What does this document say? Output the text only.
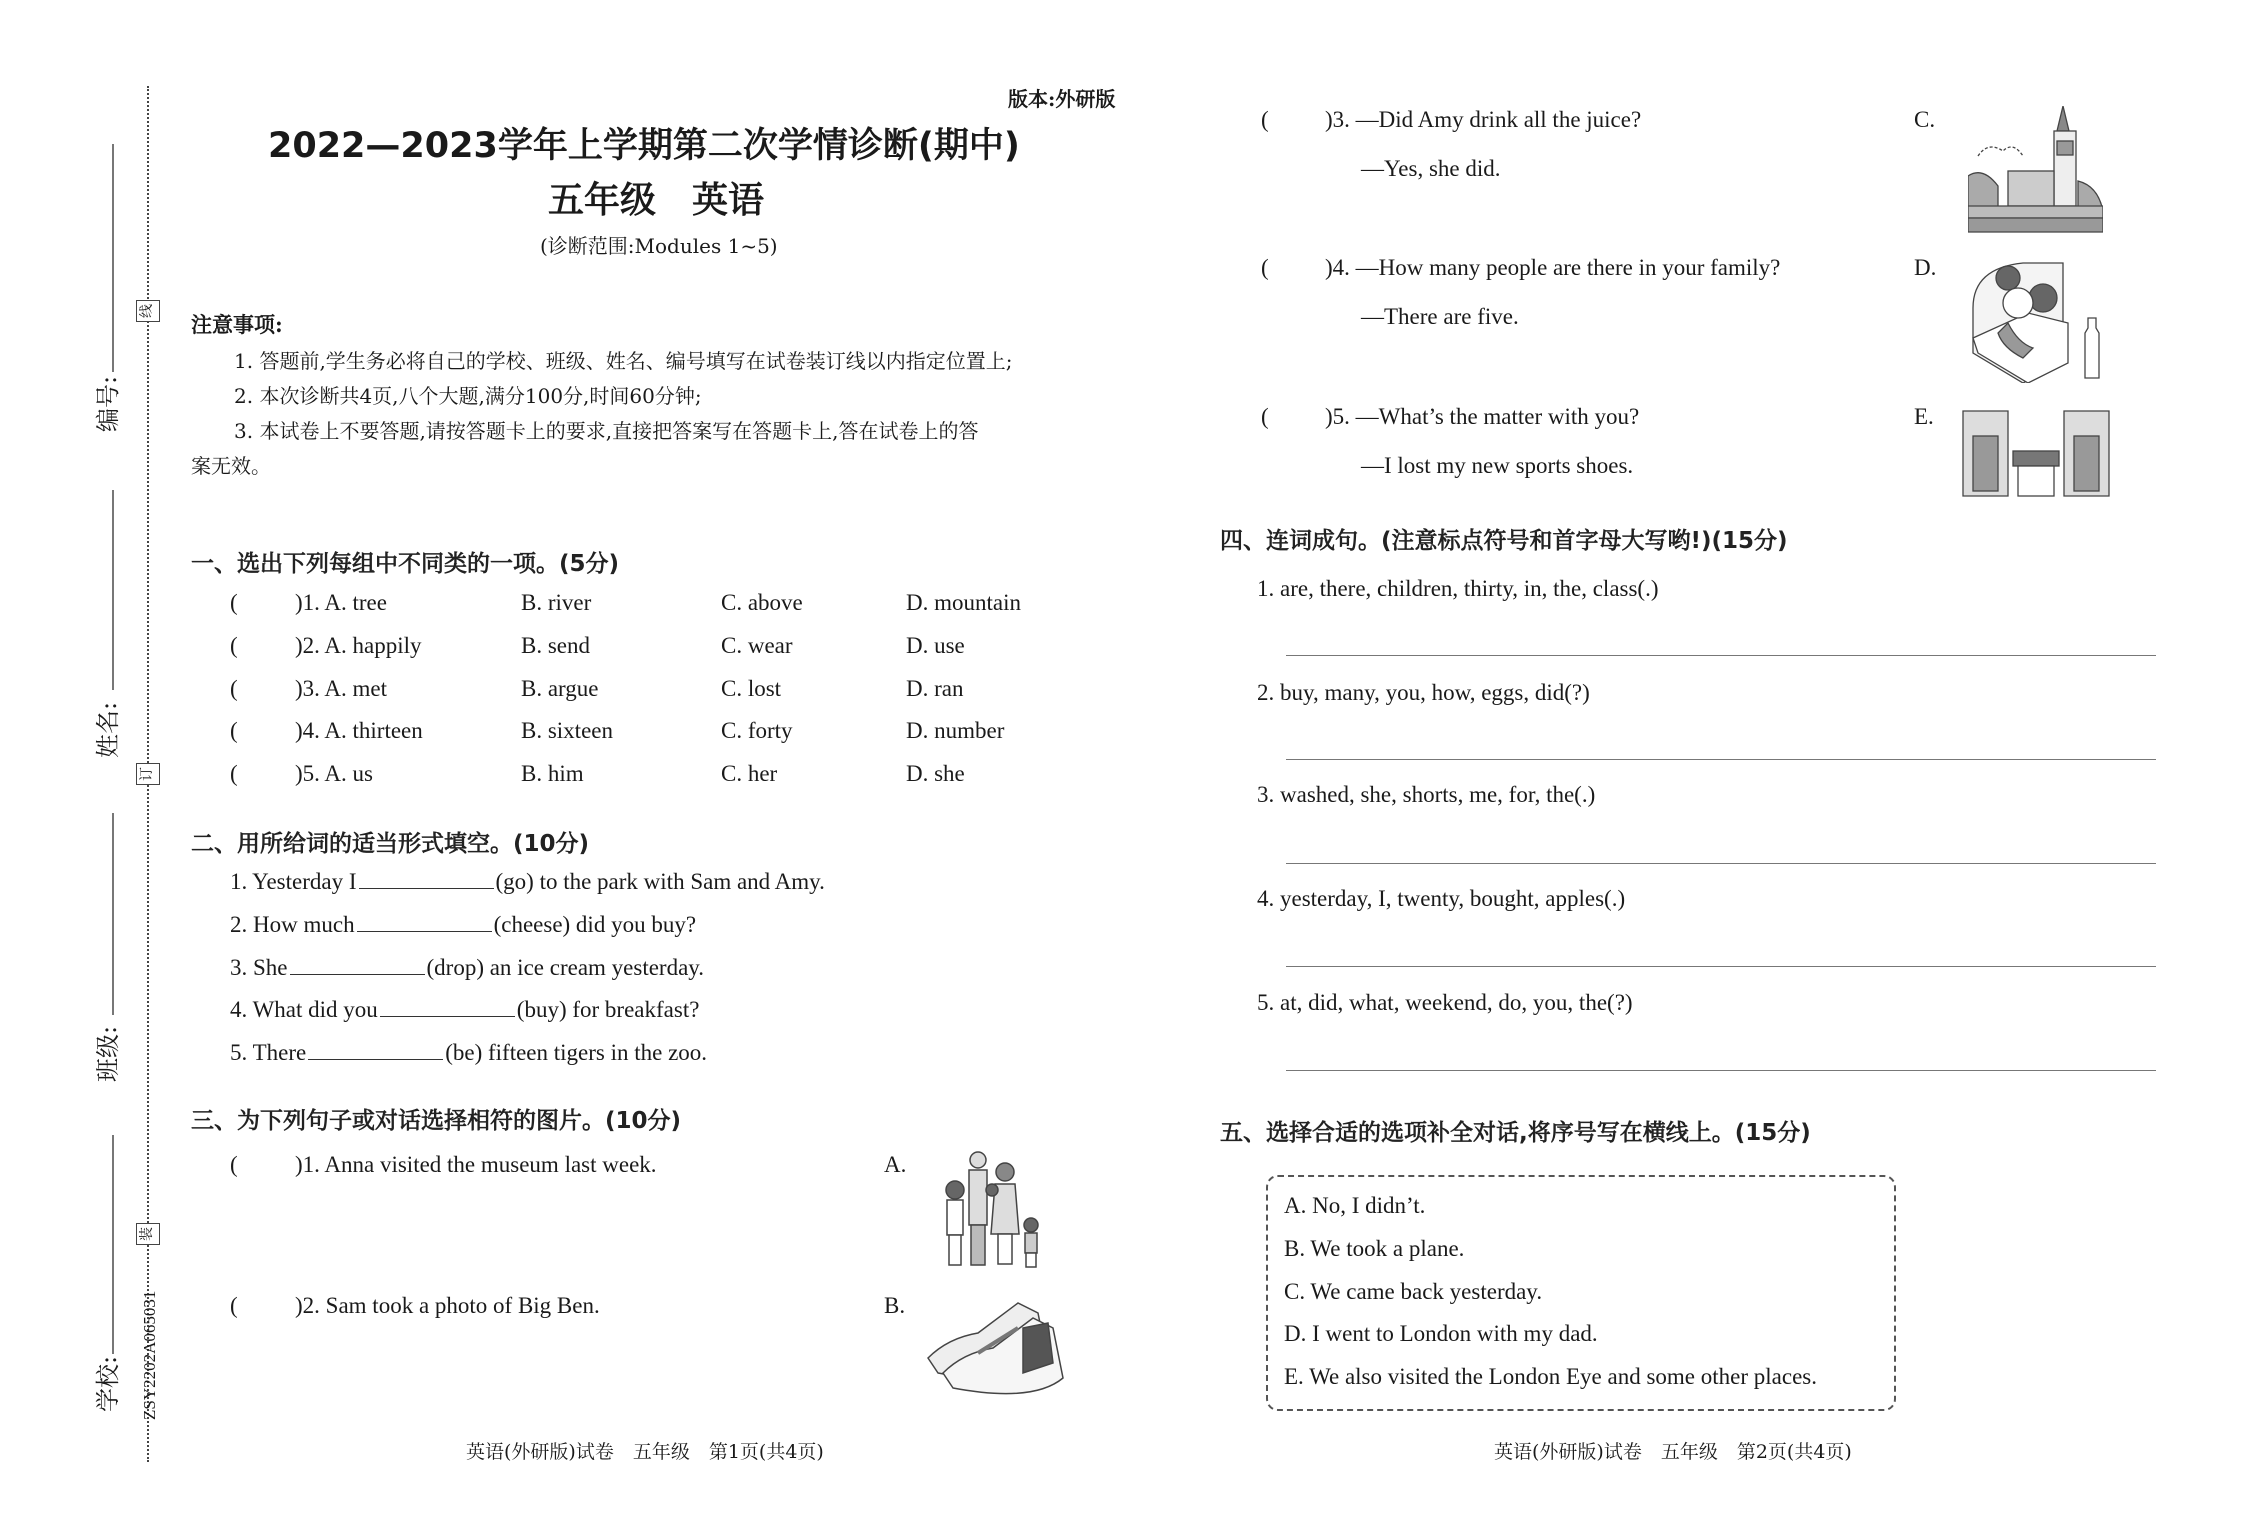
线
订
装
编号:
姓名:
班级:
学校: ZSY2202A065031
版本:外研版
2022—2023学年上学期第二次学情诊断(期中)
五年级　英语
(诊断范围:Modules 1~5)
注意事项:
1. 答题前,学生务必将自己的学校、班级、姓名、编号填写在试卷装订线以内指定位置上;
2. 本次诊断共4页,八个大题,满分100分,时间60分钟;
3. 本试卷上不要答题,请按答题卡上的要求,直接把答案写在答题卡上,答在试卷上的答
案无效。
一、选出下列每组中不同类的一项。(5分)
( )1. A. tree	B. river	C. above	D. mountain
( )2. A. happily	B. send	C. wear	D. use
( )3. A. met	B. argue	C. lost	D. ran
( )4. A. thirteen	B. sixteen	C. forty	D. number
( )5. A. us	B. him	C. her	D. she
二、用所给词的适当形式填空。(10分)
1. Yesterday I	(go) to the park with Sam and Amy.
2. How much	(cheese) did you buy?
3. She	(drop) an ice cream yesterday.
4. What did you	(buy) for breakfast?
5. There	(be) fifteen tigers in the zoo.
三、为下列句子或对话选择相符的图片。(10分)
( )1. Anna visited the museum last week.	A.
( )2. Sam took a photo of Big Ben.	B.
英语(外研版)试卷　五年级　第1页(共4页)
( )3. —Did Amy drink all the juice?
—Yes, she did.
C.
( )4. —How many people are there in your family?
—There are five.
D.
( )5. —What’s the matter with you?
—I lost my new sports shoes.
E.
四、连词成句。(注意标点符号和首字母大写哟!)(15分)
1. are, there, children, thirty, in, the, class(.)
2. buy, many, you, how, eggs, did(?)
3. washed, she, shorts, me, for, the(.)
4. yesterday, I, twenty, bought, apples(.)
5. at, did, what, weekend, do, you, the(?)
五、选择合适的选项补全对话,将序号写在横线上。(15分)
A. No, I didn’t.
B. We took a plane.
C. We came back yesterday.
D. I went to London with my dad.
E. We also visited the London Eye and some other places.
英语(外研版)试卷　五年级　第2页(共4页)
